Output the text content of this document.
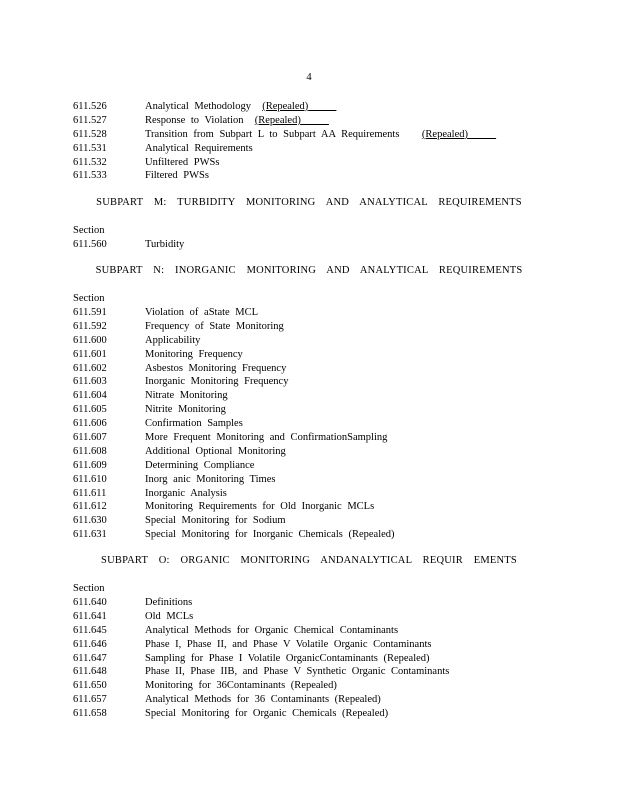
4
611.526	Analytical Methodology (Repealed)
611.527	Response to Violation (Repealed)
611.528	Transition from Subpart L to Subpart AA Requirements (Repealed)
611.531	Analytical Requirements
611.532	Unfiltered PWSs
611.533	Filtered PWSs
SUBPART M: TURBIDITY MONITORING AND ANALYTICAL REQUIREMENTS
Section
611.560	Turbidity
SUBPART N: INORGANIC MONITORING AND ANALYTICAL REQUIREMENTS
Section
611.591	Violation of aState MCL
611.592	Frequency of State Monitoring
611.600	Applicability
611.601	Monitoring Frequency
611.602	Asbestos Monitoring Frequency
611.603	Inorganic Monitoring Frequency
611.604	Nitrate Monitoring
611.605	Nitrite Monitoring
611.606	Confirmation Samples
611.607	More Frequent Monitoring and ConfirmationSampling
611.608	Additional Optional Monitoring
611.609	Determining Compliance
611.610	Inorg anic Monitoring Times
611.611	Inorganic Analysis
611.612	Monitoring Requirements for Old Inorganic MCLs
611.630	Special Monitoring for Sodium
611.631	Special Monitoring for Inorganic Chemicals (Repealed)
SUBPART O: ORGANIC MONITORING ANDANALYTICAL REQUIR EMENTS
Section
611.640	Definitions
611.641	Old MCLs
611.645	Analytical Methods for Organic Chemical Contaminants
611.646	Phase I, Phase II, and Phase V Volatile Organic Contaminants
611.647	Sampling for Phase I Volatile OrganicContaminants (Repealed)
611.648	Phase II, Phase IIB, and Phase V Synthetic Organic Contaminants
611.650	Monitoring for 36Contaminants (Repealed)
611.657	Analytical Methods for 36 Contaminants (Repealed)
611.658	Special Monitoring for Organic Chemicals (Repealed)
